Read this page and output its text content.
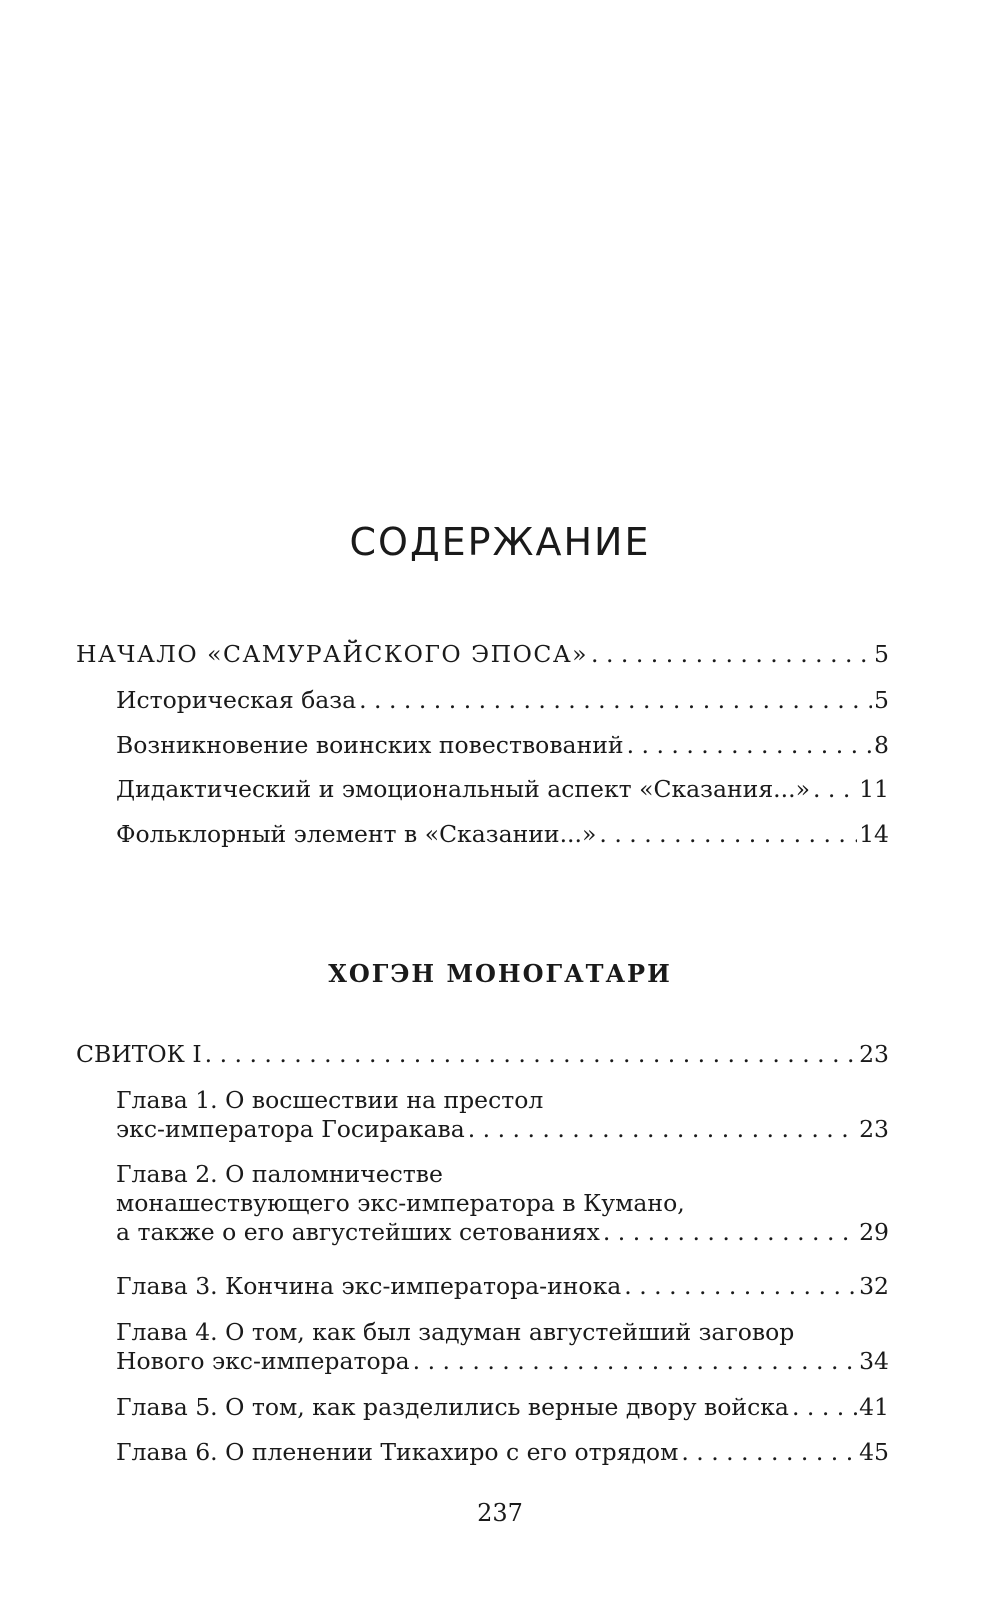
СОДЕРЖАНИЕ
НАЧАЛО «САМУРАЙСКОГО ЭПОСА» . . .	5
Историческая база . . .	5
Возникновение воинских повествований . . .	8
Дидактический и эмоциональный аспект «Сказания...» . . . 11
Фольклорный элемент в «Сказании...» . . .	14
ХОГЭН МОНОГАТАРИ
СВИТОК I . . .	23
Глава 1. О восшествии на престол
экс-императора Госиракава . . .	23
Глава 2. О паломничестве
монашествующего экс-императора в Кумано,
а также о его августейших сетованиях . . .	29
Глава 3. Кончина экс-императора-инока . . .	32
Глава 4. О том, как был задуман августейший заговор
Нового экс-императора . . .	34
Глава 5. О том, как разделились верные двору войска . . .	41
Глава 6. О пленении Тикахиро с его отрядом . . .	45
237
